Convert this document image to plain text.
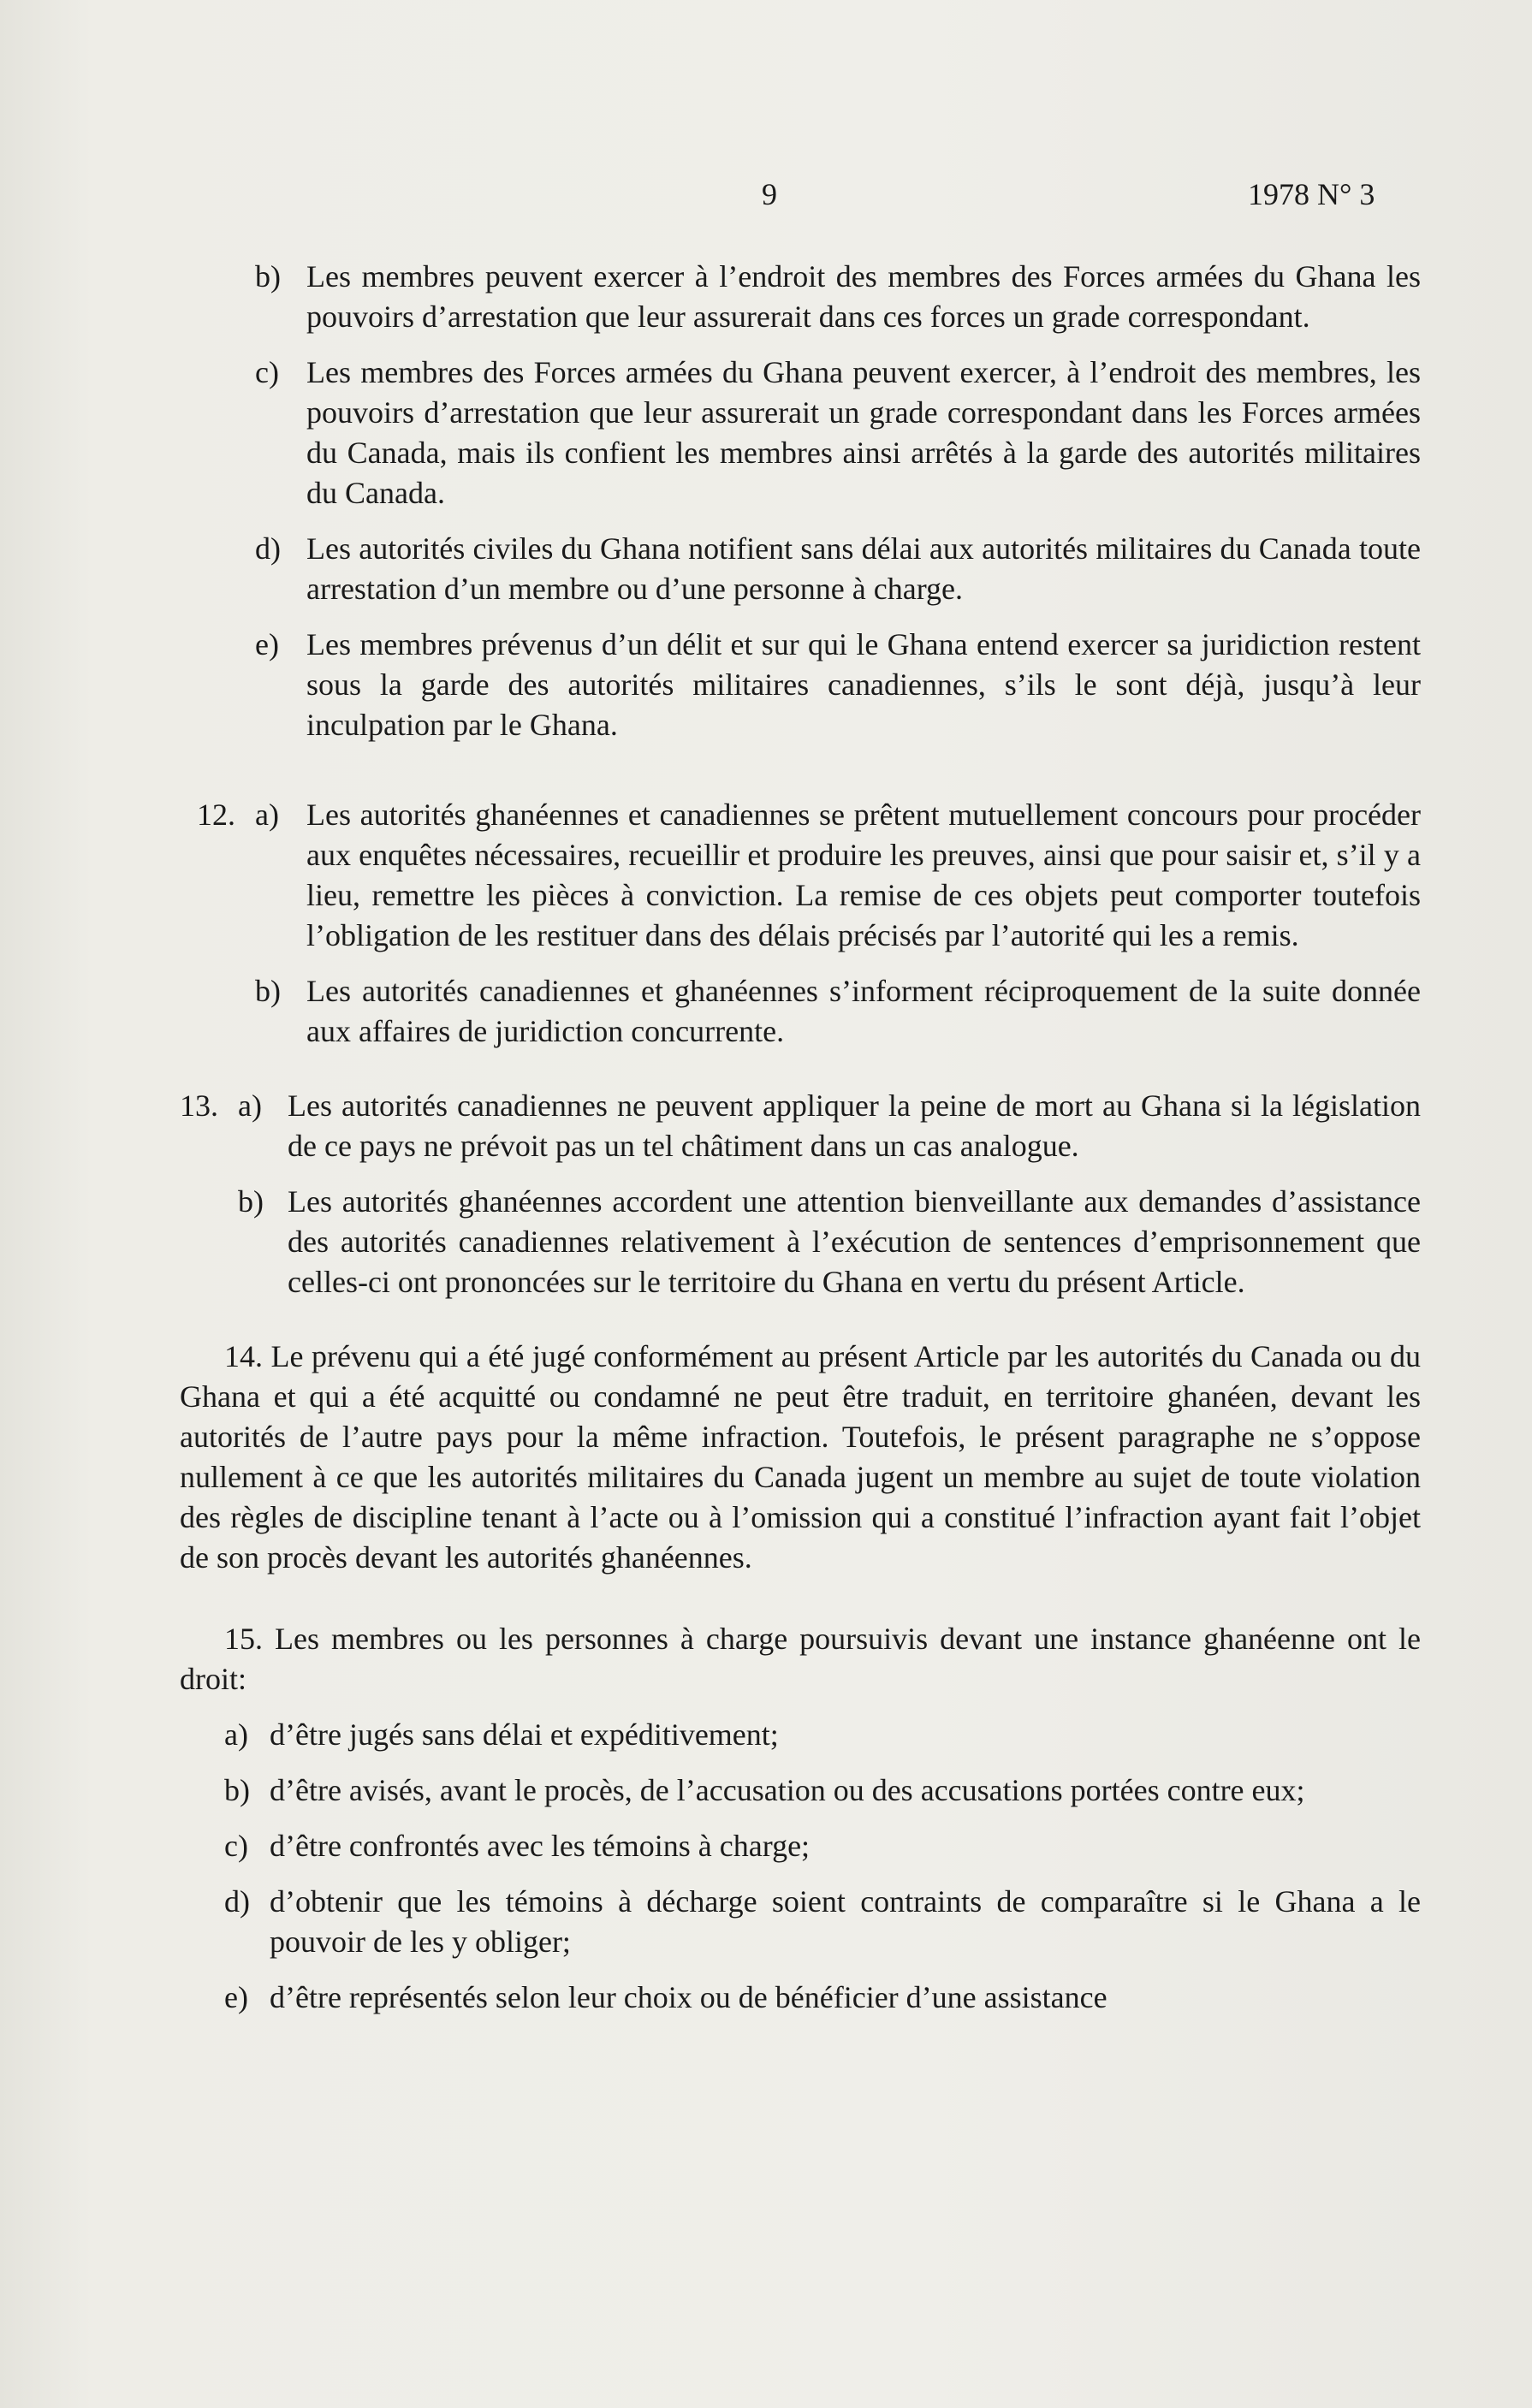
9	1978 N° 3
b) Les membres peuvent exercer à l’endroit des membres des Forces armées du Ghana les pouvoirs d’arrestation que leur assurerait dans ces forces un grade correspondant.
c) Les membres des Forces armées du Ghana peuvent exercer, à l’endroit des membres, les pouvoirs d’arrestation que leur assurerait un grade correspondant dans les Forces armées du Canada, mais ils confient les membres ainsi arrêtés à la garde des autorités militaires du Canada.
d) Les autorités civiles du Ghana notifient sans délai aux autorités militaires du Canada toute arrestation d’un membre ou d’une personne à charge.
e) Les membres prévenus d’un délit et sur qui le Ghana entend exercer sa juridiction restent sous la garde des autorités militaires canadiennes, s’ils le sont déjà, jusqu’à leur inculpation par le Ghana.
12. a) Les autorités ghanéennes et canadiennes se prêtent mutuellement concours pour procéder aux enquêtes nécessaires, recueillir et produire les preuves, ainsi que pour saisir et, s’il y a lieu, remettre les pièces à conviction. La remise de ces objets peut comporter toutefois l’obligation de les restituer dans des délais précisés par l’autorité qui les a remis.
b) Les autorités canadiennes et ghanéennes s’informent réciproquement de la suite donnée aux affaires de juridiction concurrente.
13. a) Les autorités canadiennes ne peuvent appliquer la peine de mort au Ghana si la législation de ce pays ne prévoit pas un tel châtiment dans un cas analogue.
b) Les autorités ghanéennes accordent une attention bienveillante aux demandes d’assistance des autorités canadiennes relativement à l’exécution de sentences d’emprisonnement que celles-ci ont prononcées sur le territoire du Ghana en vertu du présent Article.

14. Le prévenu qui a été jugé conformément au présent Article par les autorités du Canada ou du Ghana et qui a été acquitté ou condamné ne peut être traduit, en territoire ghanéen, devant les autorités de l’autre pays pour la même infraction. Toutefois, le présent paragraphe ne s’oppose nullement à ce que les autorités militaires du Canada jugent un membre au sujet de toute violation des règles de discipline tenant à l’acte ou à l’omission qui a constitué l’infraction ayant fait l’objet de son procès devant les autorités ghanéennes.

15. Les membres ou les personnes à charge poursuivis devant une instance ghanéenne ont le droit:

a) d’être jugés sans délai et expéditivement;
b) d’être avisés, avant le procès, de l’accusation ou des accusations portées contre eux;
c) d’être confrontés avec les témoins à charge;
d) d’obtenir que les témoins à décharge soient contraints de comparaître si le Ghana a le pouvoir de les y obliger;
e) d’être représentés selon leur choix ou de bénéficier d’une assistance
